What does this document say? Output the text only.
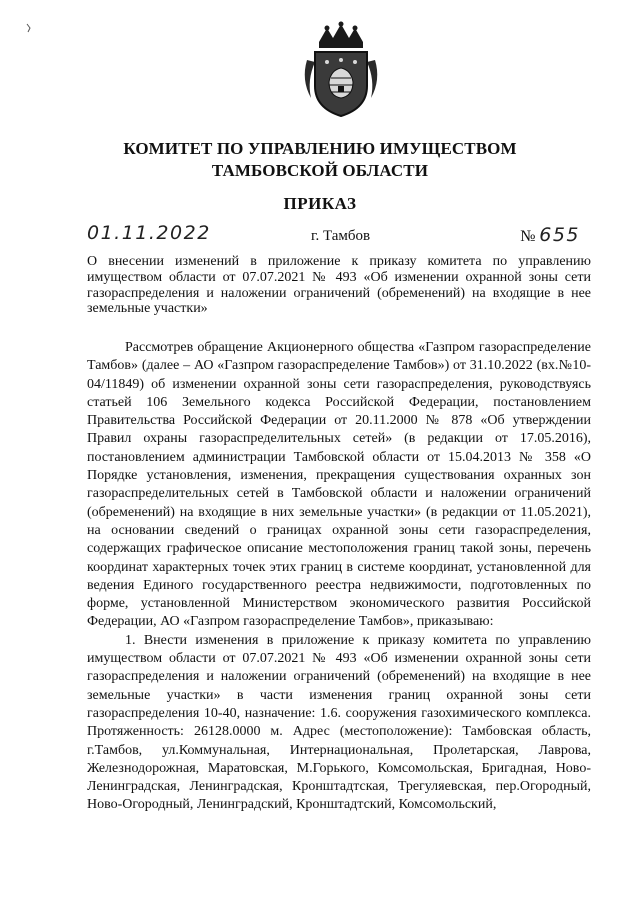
КОМИТЕТ ПО УПРАВЛЕНИЮ ИМУЩЕСТВОМ
ТАМБОВСКОЙ ОБЛАСТИ
ПРИКАЗ
01.11.2022	г. Тамбов	№ 655
О внесении изменений в приложение к приказу комитета по управлению имуществом области от 07.07.2021 № 493 «Об изменении охранной зоны сети газораспределения и наложении ограничений (обременений) на входящие в нее земельные участки»

Рассмотрев обращение Акционерного общества «Газпром газораспределение Тамбов» (далее – АО «Газпром газораспределение Тамбов») от 31.10.2022 (вх.№10-04/11849) об изменении охранной зоны сети газораспределения, руководствуясь статьей 106 Земельного кодекса Российской Федерации, постановлением Правительства Российской Федерации от 20.11.2000 № 878 «Об утверждении Правил охраны газораспределительных сетей» (в редакции от 17.05.2016), постановлением администрации Тамбовской области от 15.04.2013 № 358 «О Порядке установления, изменения, прекращения существования охранных зон газораспределительных сетей в Тамбовской области и наложении ограничений (обременений) на входящие в них земельные участки» (в редакции от 11.05.2021), на основании сведений о границах охранной зоны сети газораспределения, содержащих графическое описание местоположения границ такой зоны, перечень координат характерных точек этих границ в системе координат, установленной для ведения Единого государственного реестра недвижимости, подготовленных по форме, установленной Министерством экономического развития Российской Федерации, АО «Газпром газораспределение Тамбов», приказываю:

1. Внести изменения в приложение к приказу комитета по управлению имуществом области от 07.07.2021 № 493 «Об изменении охранной зоны сети газораспределения и наложении ограничений (обременений) на входящие в нее земельные участки» в части изменения границ охранной зоны сети газораспределения 10-40, назначение: 1.6. сооружения газохимического комплекса. Протяженность: 26128.0000 м. Адрес (местоположение): Тамбовская область, г.Тамбов, ул.Коммунальная, Интернациональная, Пролетарская, Лаврова, Железнодорожная, Маратовская, М.Горького, Комсомольская, Бригадная, Ново-Ленинградская, Ленинградская, Кронштадтская, Трегуляевская, пер.Огородный, Ново-Огородный, Ленинградский, Кронштадтский, Комсомольский,
